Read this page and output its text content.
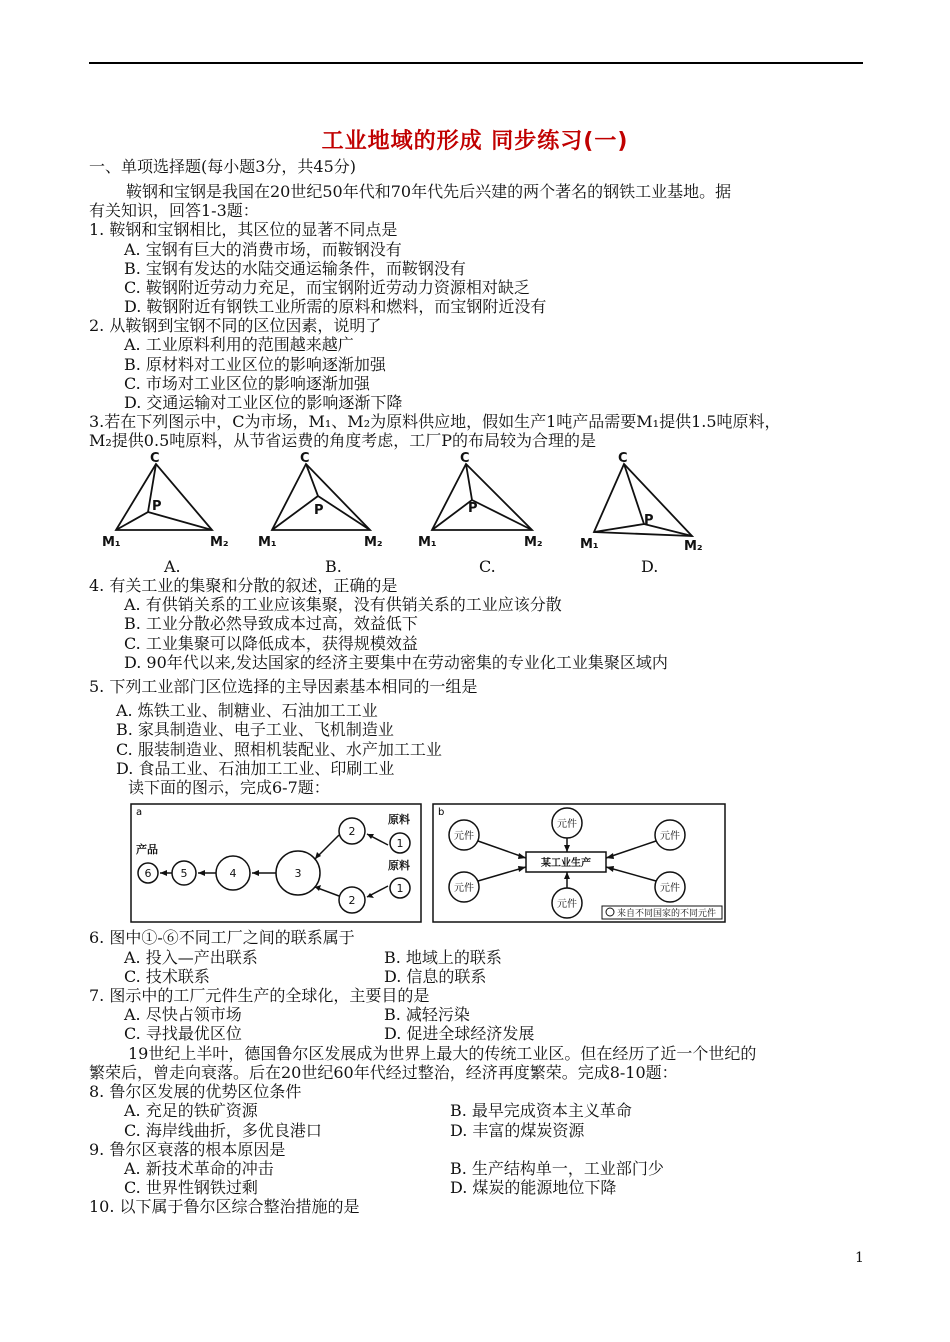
工业地域的形成 同步练习(一)
一、单项选择题(每小题3分，共45分)
鞍钢和宝钢是我国在20世纪50年代和70年代先后兴建的两个著名的钢铁工业基地。据
有关知识，回答1-3题：
1. 鞍钢和宝钢相比，其区位的显著不同点是
A. 宝钢有巨大的消费市场，而鞍钢没有
B. 宝钢有发达的水陆交通运输条件，而鞍钢没有
C. 鞍钢附近劳动力充足，而宝钢附近劳动力资源相对缺乏
D. 鞍钢附近有钢铁工业所需的原料和燃料，而宝钢附近没有
2. 从鞍钢到宝钢不同的区位因素，说明了
A. 工业原料利用的范围越来越广
B. 原材料对工业区位的影响逐渐加强
C. 市场对工业区位的影响逐渐加强
D. 交通运输对工业区位的影响逐渐下降
3.若在下列图示中，C为市场，M₁、M₂为原料供应地，假如生产1吨产品需要M₁提供1.5吨原料，
M₂提供0.5吨原料，从节省运费的角度考虑，工厂P的布局较为合理的是
C
P
M₁	M₂
C
P
M₁	M₂
C
P
M₁	M₂
C
P
M₁	M₂
A.	B.	C.	D.
4. 有关工业的集聚和分散的叙述，正确的是
A. 有供销关系的工业应该集聚，没有供销关系的工业应该分散
B. 工业分散必然导致成本过高，效益低下
C. 工业集聚可以降低成本，获得规模效益
D. 90年代以来,发达国家的经济主要集中在劳动密集的专业化工业集聚区域内
5. 下列工业部门区位选择的主导因素基本相同的一组是
A. 炼铁工业、制糖业、石油加工工业
B. 家具制造业、电子工业、飞机制造业
C. 服装制造业、照相机装配业、水产加工工业
D. 食品工业、石油加工工业、印刷工业
读下面的图示，完成6-7题：
a
6	5	4	3
2
2
1
1
产品
原料
原料
b
某工业生产
元件
元件
元件
元件
元件
元件
来自不同国家的不同元件
6. 图中①-⑥不同工厂之间的联系属于
A. 投入—产出联系	B. 地域上的联系
C. 技术联系	D. 信息的联系
7. 图示中的工厂元件生产的全球化，主要目的是
A. 尽快占领市场	B. 减轻污染
C. 寻找最优区位	D. 促进全球经济发展
19世纪上半叶，德国鲁尔区发展成为世界上最大的传统工业区。但在经历了近一个世纪的
繁荣后，曾走向衰落。后在20世纪60年代经过整治，经济再度繁荣。完成8-10题：
8. 鲁尔区发展的优势区位条件
A. 充足的铁矿资源	B. 最早完成资本主义革命
C. 海岸线曲折，多优良港口	D. 丰富的煤炭资源
9. 鲁尔区衰落的根本原因是
A. 新技术革命的冲击	B. 生产结构单一，工业部门少
C. 世界性钢铁过剩	D. 煤炭的能源地位下降
10. 以下属于鲁尔区综合整治措施的是
1
